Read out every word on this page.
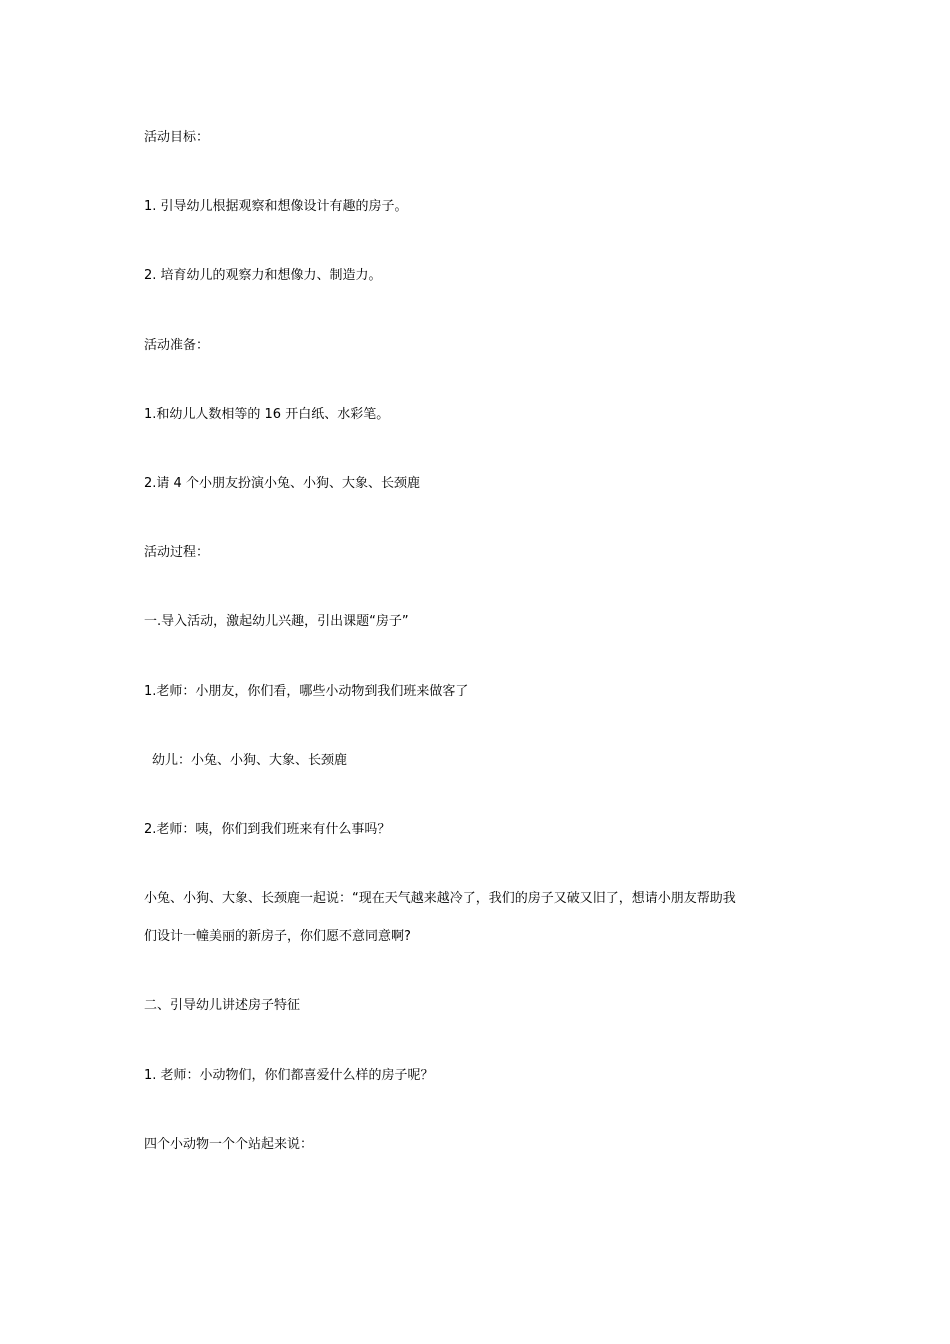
活动目标：
1. 引导幼儿根据观察和想像设计有趣的房子。
2. 培育幼儿的观察力和想像力、制造力。
活动准备：
1.和幼儿人数相等的 16 开白纸、水彩笔。
2.请 4 个小朋友扮演小兔、小狗、大象、长颈鹿
活动过程：
一.导入活动，激起幼儿兴趣，引出课题“房子”
1.老师：小朋友，你们看，哪些小动物到我们班来做客了
幼儿：小兔、小狗、大象、长颈鹿
2.老师：咦，你们到我们班来有什么事吗？
小兔、小狗、大象、长颈鹿一起说：“现在天气越来越冷了，我们的房子又破又旧了，想请小朋友帮助我
们设计一幢美丽的新房子，你们愿不意同意啊?
二、引导幼儿讲述房子特征
1. 老师：小动物们，你们都喜爱什么样的房子呢？
四个小动物一个个站起来说：
